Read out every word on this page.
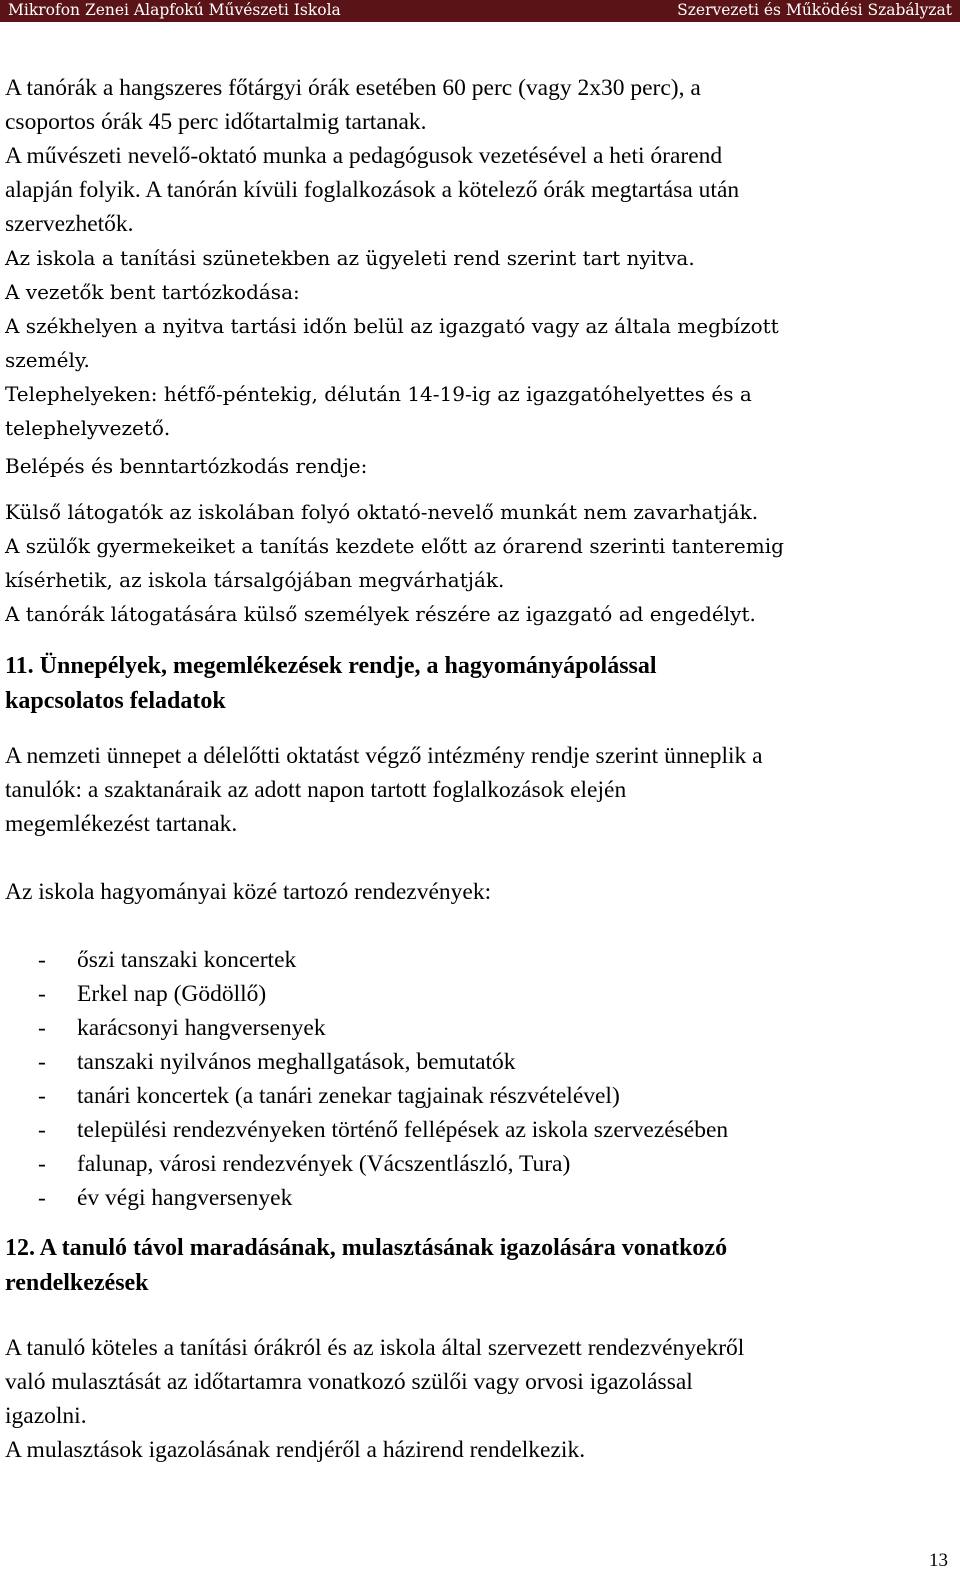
Mikrofon Zenei Alapfokú Művészeti Iskola	Szervezeti és Működési Szabályzat

A tanórák a hangszeres főtárgyi órák esetében 60 perc (vagy 2x30 perc), a

csoportos órák 45 perc időtartalmig tartanak.

A művészeti nevelő-oktató munka a pedagógusok vezetésével a heti órarend

alapján folyik. A tanórán kívüli foglalkozások a kötelező órák megtartása után

szervezhetők.

Az iskola a tanítási szünetekben az ügyeleti rend szerint tart nyitva.

A vezetők bent tartózkodása:

A székhelyen a nyitva tartási időn belül az igazgató vagy az általa megbízott

személy.

Telephelyeken: hétfő-péntekig, délután 14-19-ig az igazgatóhelyettes és a

telephelyvezető.

Belépés és benntartózkodás rendje:

Külső látogatók az iskolában folyó oktató-nevelő munkát nem zavarhatják.

A szülők gyermekeiket a tanítás kezdete előtt az órarend szerinti tanteremig

kísérhetik, az iskola társalgójában megvárhatják.

A tanórák látogatására külső személyek részére az igazgató ad engedélyt.

11. Ünnepélyek, megemlékezések rendje, a hagyományápolással

kapcsolatos feladatok

A nemzeti ünnepet a délelőtti oktatást végző intézmény rendje szerint ünneplik a

tanulók: a szaktanáraik az adott napon tartott foglalkozások elején

megemlékezést tartanak.

Az iskola hagyományai közé tartozó rendezvények:

- őszi tanszaki koncertek
- Erkel nap (Gödöllő)
- karácsonyi hangversenyek
- tanszaki nyilvános meghallgatások, bemutatók
- tanári koncertek (a tanári zenekar tagjainak részvételével)
- települési rendezvényeken történő fellépések az iskola szervezésében
- falunap, városi rendezvények (Vácszentlászló, Tura)
- év végi hangversenyek

12. A tanuló távol maradásának, mulasztásának igazolására vonatkozó

rendelkezések

A tanuló köteles a tanítási órákról és az iskola által szervezett rendezvényekről

való mulasztását az időtartamra vonatkozó szülői vagy orvosi igazolással

igazolni.

A mulasztások igazolásának rendjéről a házirend rendelkezik.

13
